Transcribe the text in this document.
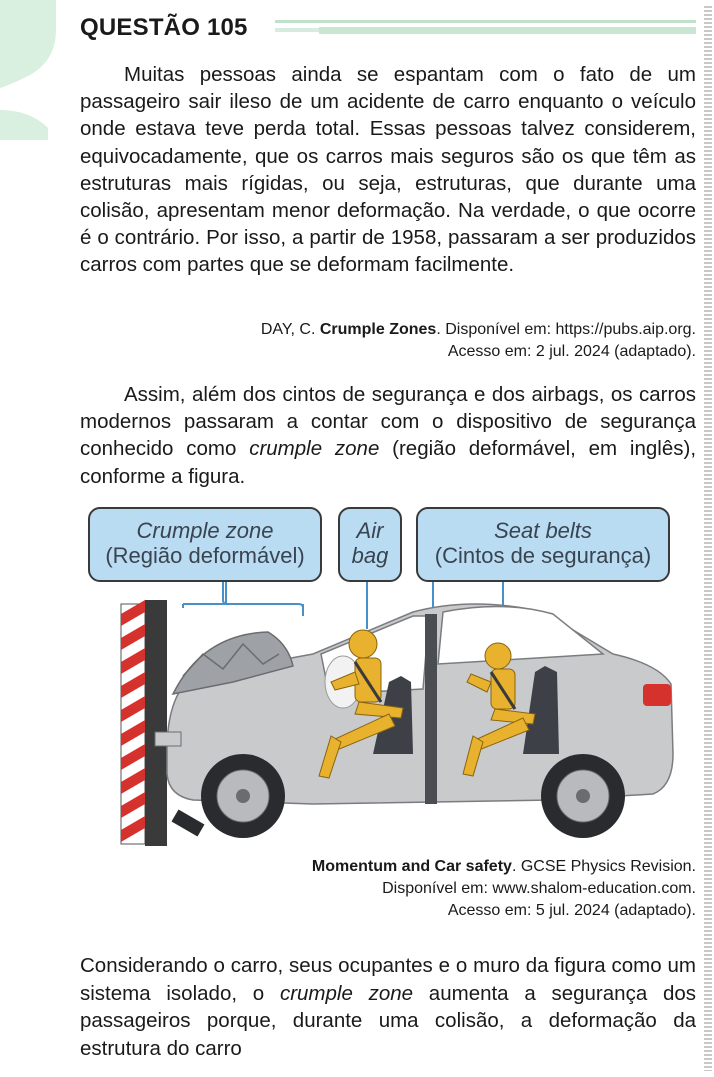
QUESTÃO 105

Muitas pessoas ainda se espantam com o fato de um passageiro sair ileso de um acidente de carro enquanto o veículo onde estava teve perda total. Essas pessoas talvez considerem, equivocadamente, que os carros mais seguros são os que têm as estruturas mais rígidas, ou seja, estruturas, que durante uma colisão, apresentam menor deformação. Na verdade, o que ocorre é o contrário. Por isso, a partir de 1958, passaram a ser produzidos carros com partes que se deformam facilmente.

DAY, C. Crumple Zones. Disponível em: https://pubs.aip.org.
Acesso em: 2 jul. 2024 (adaptado).

Assim, além dos cintos de segurança e dos airbags, os carros modernos passaram a contar com o dispositivo de segurança conhecido como crumple zone (região deformável, em inglês), conforme a figura.

Crumple zone
(Região deformável)
Air
bag
Seat belts
(Cintos de segurança)

Momentum and Car safety. GCSE Physics Revision.
Disponível em: www.shalom-education.com.
Acesso em: 5 jul. 2024 (adaptado).

Considerando o carro, seus ocupantes e o muro da figura como um sistema isolado, o crumple zone aumenta a segurança dos passageiros porque, durante uma colisão, a deformação da estrutura do carro
